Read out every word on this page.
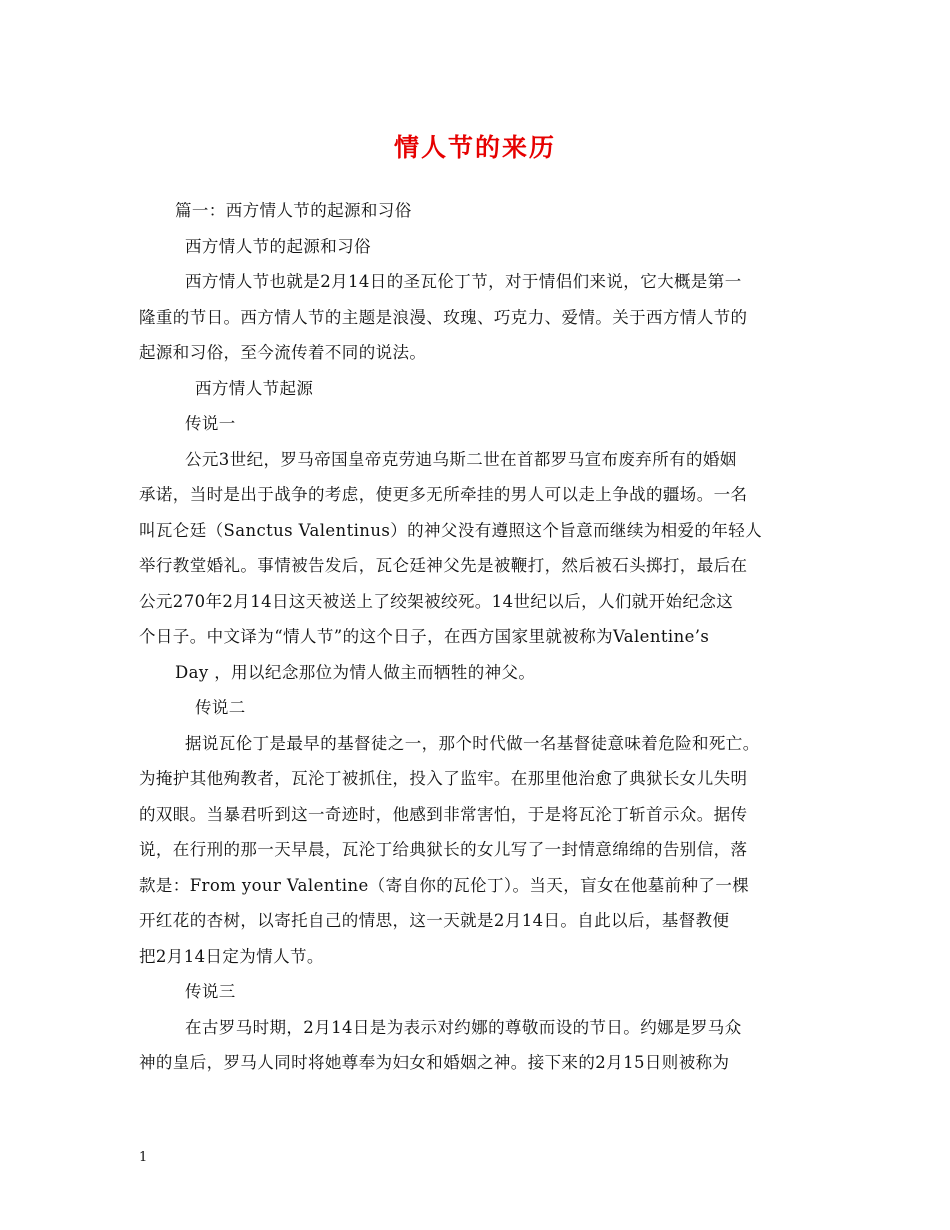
情人节的来历
篇一：西方情人节的起源和习俗
西方情人节的起源和习俗
西方情人节也就是2月14日的圣瓦伦丁节，对于情侣们来说，它大概是第一
隆重的节日。西方情人节的主题是浪漫、玫瑰、巧克力、爱情。关于西方情人节的
起源和习俗，至今流传着不同的说法。
西方情人节起源
传说一
公元3世纪，罗马帝国皇帝克劳迪乌斯二世在首都罗马宣布废弃所有的婚姻
承诺，当时是出于战争的考虑，使更多无所牵挂的男人可以走上争战的疆场。一名
叫瓦仑廷（Sanctus Valentinus）的神父没有遵照这个旨意而继续为相爱的年轻人
举行教堂婚礼。事情被告发后，瓦仑廷神父先是被鞭打，然后被石头掷打，最后在
公元270年2月14日这天被送上了绞架被绞死。14世纪以后，人们就开始纪念这
个日子。中文译为“情人节”的这个日子，在西方国家里就被称为Valentine’s
Day ，用以纪念那位为情人做主而牺牲的神父。
传说二
据说瓦伦丁是最早的基督徒之一，那个时代做一名基督徒意味着危险和死亡。
为掩护其他殉教者，瓦沦丁被抓住，投入了监牢。在那里他治愈了典狱长女儿失明
的双眼。当暴君听到这一奇迹时，他感到非常害怕，于是将瓦沦丁斩首示众。据传
说，在行刑的那一天早晨，瓦沦丁给典狱长的女儿写了一封情意绵绵的告别信，落
款是：From your Valentine（寄自你的瓦伦丁）。当天，盲女在他墓前种了一棵
开红花的杏树，以寄托自己的情思，这一天就是2月14日。自此以后，基督教便
把2月14日定为情人节。
传说三
在古罗马时期，2月14日是为表示对约娜的尊敬而设的节日。约娜是罗马众
神的皇后，罗马人同时将她尊奉为妇女和婚姻之神。接下来的2月15日则被称为
1
